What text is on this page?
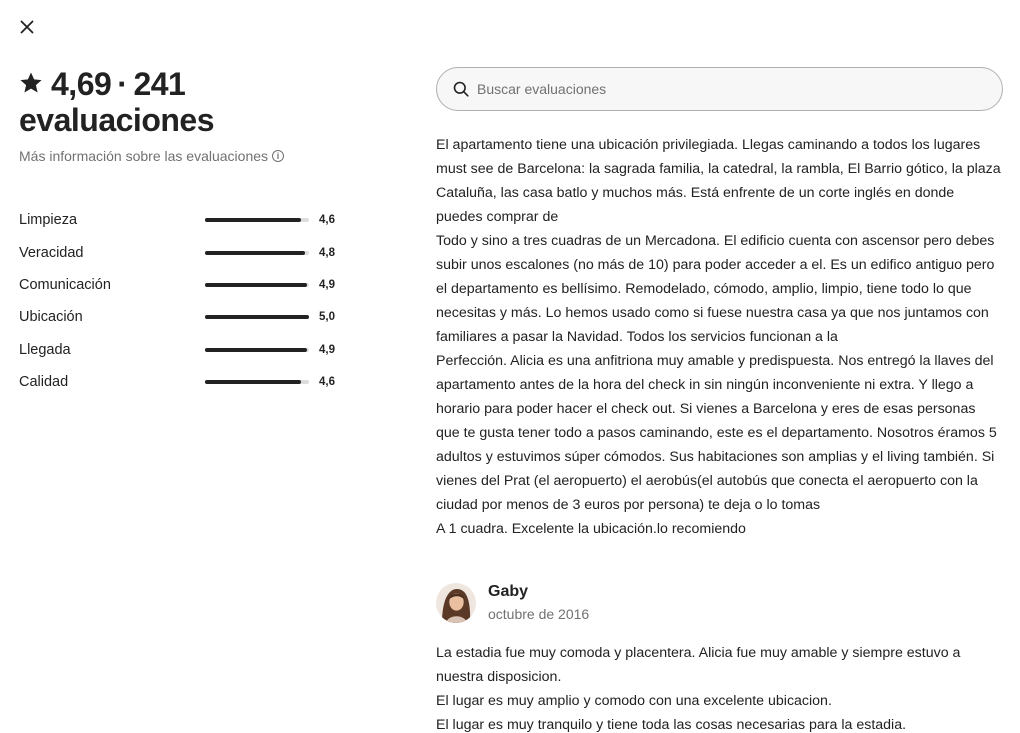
4,69 · 241
evaluaciones
Más información sobre las evaluaciones i
Limpieza	4,6
Veracidad	4,8
Comunicación	4,9
Ubicación	5,0
Llegada	4,9
Calidad	4,6
Buscar evaluaciones

El apartamento tiene una ubicación privilegiada. Llegas caminando a todos los lugares must see de Barcelona: la sagrada familia, la catedral, la rambla, El Barrio gótico, la plaza Cataluña, las casa batlo y muchos más. Está enfrente de un corte inglés en donde puedes comprar de
Todo y sino a tres cuadras de un Mercadona. El edificio cuenta con ascensor pero debes subir unos escalones (no más de 10) para poder acceder a el. Es un edifico antiguo pero el departamento es bellísimo. Remodelado, cómodo, amplio, limpio, tiene todo lo que necesitas y más. Lo hemos usado como si fuese nuestra casa ya que nos juntamos con familiares a pasar la Navidad. Todos los servicios funcionan a la
Perfección. Alicia es una anfitriona muy amable y predispuesta. Nos entregó la llaves del apartamento antes de la hora del check in sin ningún inconveniente ni extra. Y llego a horario para poder hacer el check out. Si vienes a Barcelona y eres de esas personas que te gusta tener todo a pasos caminando, este es el departamento. Nosotros éramos 5 adultos y estuvimos súper cómodos. Sus habitaciones son amplias y el living también. Si vienes del Prat (el aeropuerto) el aerobús(el autobús que conecta el aeropuerto con la ciudad por menos de 3 euros por persona) te deja o lo tomas
A 1 cuadra. Excelente la ubicación.lo recomiendo

Gaby
octubre de 2016

La estadia fue muy comoda y placentera. Alicia fue muy amable y siempre estuvo a nuestra disposicion.
El lugar es muy amplio y comodo con una excelente ubicacion.
El lugar es muy tranquilo y tiene toda las cosas necesarias para la estadia.
